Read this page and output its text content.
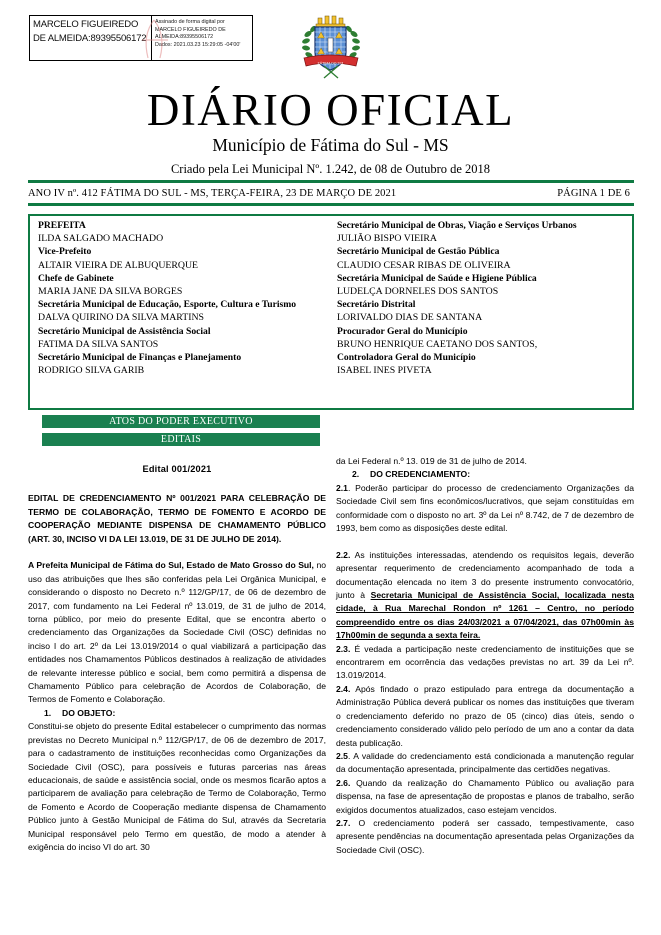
MARCELO FIGUEIREDO DE ALMEIDA:89395506172
Assinado de forma digital por
MARCELO FIGUEIREDO DE
ALMEIDA:89395506172
Dados: 2021.03.23 15:29:05 -04'00'
FÁTIMA DO SUL
DIÁRIO OFICIAL
Município de Fátima do Sul - MS
Criado pela Lei Municipal Nº. 1.242, de 08 de Outubro de 2018
ANO IV nº. 412 FÁTIMA DO SUL - MS, TERÇA-FEIRA, 23 DE MARÇO DE 2021	PÁGINA 1 DE 6
PREFEITA
ILDA SALGADO MACHADO
Vice-Prefeito
ALTAIR VIEIRA DE ALBUQUERQUE
Chefe de Gabinete
MARIA JANE DA SILVA BORGES
Secretária Municipal de Educação, Esporte, Cultura e Turismo
DALVA QUIRINO DA SILVA MARTINS
Secretário Municipal de Assistência Social
FATIMA DA SILVA SANTOS
Secretário Municipal de Finanças e Planejamento
RODRIGO SILVA GARIB
Secretário Municipal de Obras, Viação e Serviços Urbanos
JULIÃO BISPO VIEIRA
Secretário Municipal de Gestão Pública
CLAUDIO CESAR RIBAS DE OLIVEIRA
Secretária Municipal de Saúde e Higiene Pública
LUDELÇA DORNELES DOS SANTOS
Secretário Distrital
LORIVALDO DIAS DE SANTANA
Procurador Geral do Município
BRUNO HENRIQUE CAETANO DOS SANTOS,
Controladora Geral do Município
ISABEL INES PIVETA
ATOS DO PODER EXECUTIVO
EDITAIS
Edital 001/2021

EDITAL DE CREDENCIAMENTO Nº 001/2021 PARA CELEBRAÇÃO DE TERMO DE COLABORAÇÃO, TERMO DE FOMENTO E ACORDO DE COOPERAÇÃO MEDIANTE DISPENSA DE CHAMAMENTO PÚBLICO (ART. 30, INCISO VI DA LEI 13.019, DE 31 DE JULHO DE 2014).

A Prefeita Municipal de Fátima do Sul, Estado de Mato Grosso do Sul, no uso das atribuições que lhes são conferidas pela Lei Orgânica Municipal, e considerando o disposto no Decreto n.º 112/GP/17, de 06 de dezembro de 2017, com fundamento na Lei Federal nº 13.019, de 31 de julho de 2014, torna público, por meio do presente Edital, que se encontra aberto o credenciamento das Organizações da Sociedade Civil (OSC) definidas no inciso I do art. 2º da Lei 13.019/2014 o qual viabilizará a participação das entidades nos Chamamentos Públicos destinados à realização de atividades de relevante interesse público e social, bem como permitirá a dispensa de Chamamento Público para celebração de Acordos de Colaboração, de Termos de Fomento e Colaboração.

1. DO OBJETO:

Constitui-se objeto do presente Edital estabelecer o cumprimento das normas previstas no Decreto Municipal n.º 112/GP/17, de 06 de dezembro de 2017, para o cadastramento de instituições reconhecidas como Organizações da Sociedade Civil (OSC), para possíveis e futuras parcerias nas áreas educacionais, de saúde e assistência social, onde os mesmos ficarão aptos a participarem de avaliação para celebração de Termo de Colaboração, Termo de Fomento e Acordo de Cooperação mediante dispensa de Chamamento Público junto à Gestão Municipal de Fátima do Sul, através da Secretaria Municipal responsável pelo Termo em questão, de modo a atender à exigência do inciso VI do art. 30

da Lei Federal n.º 13. 019 de 31 de julho de 2014.

2. DO CREDENCIAMENTO:

2.1. Poderão participar do processo de credenciamento Organizações da Sociedade Civil sem fins econômicos/lucrativos, que sejam constituídas em conformidade com o disposto no art. 3º da Lei nº 8.742, de 7 de dezembro de 1993, bem como as disposições deste edital.

2.2. As instituições interessadas, atendendo os requisitos legais, deverão apresentar requerimento de credenciamento acompanhado de toda a documentação elencada no item 3 do presente instrumento convocatório, junto à Secretaria Municipal de Assistência Social, localizada nesta cidade, à Rua Marechal Rondon nº 1261 – Centro, no período compreendido entre os dias 24/03/2021 a 07/04/2021, das 07h00min às 17h00min de segunda a sexta feira.

2.3. É vedada a participação neste credenciamento de instituições que se encontrarem em ocorrência das vedações previstas no art. 39 da Lei nº. 13.019/2014.

2.4. Após findado o prazo estipulado para entrega da documentação a Administração Pública deverá publicar os nomes das instituições que tiveram o credenciamento deferido no prazo de 05 (cinco) dias úteis, sendo o credenciamento considerado válido pelo período de um ano a contar da data desta publicação.

2.5. A validade do credenciamento está condicionada a manutenção regular da documentação apresentada, principalmente das certidões negativas.

2.6. Quando da realização do Chamamento Público ou avaliação para dispensa, na fase de apresentação de propostas e planos de trabalho, serão exigidos documentos atualizados, caso estejam vencidos.

2.7. O credenciamento poderá ser cassado, tempestivamente, caso apresente pendências na documentação apresentada pelas Organizações da Sociedade Civil (OSC).
